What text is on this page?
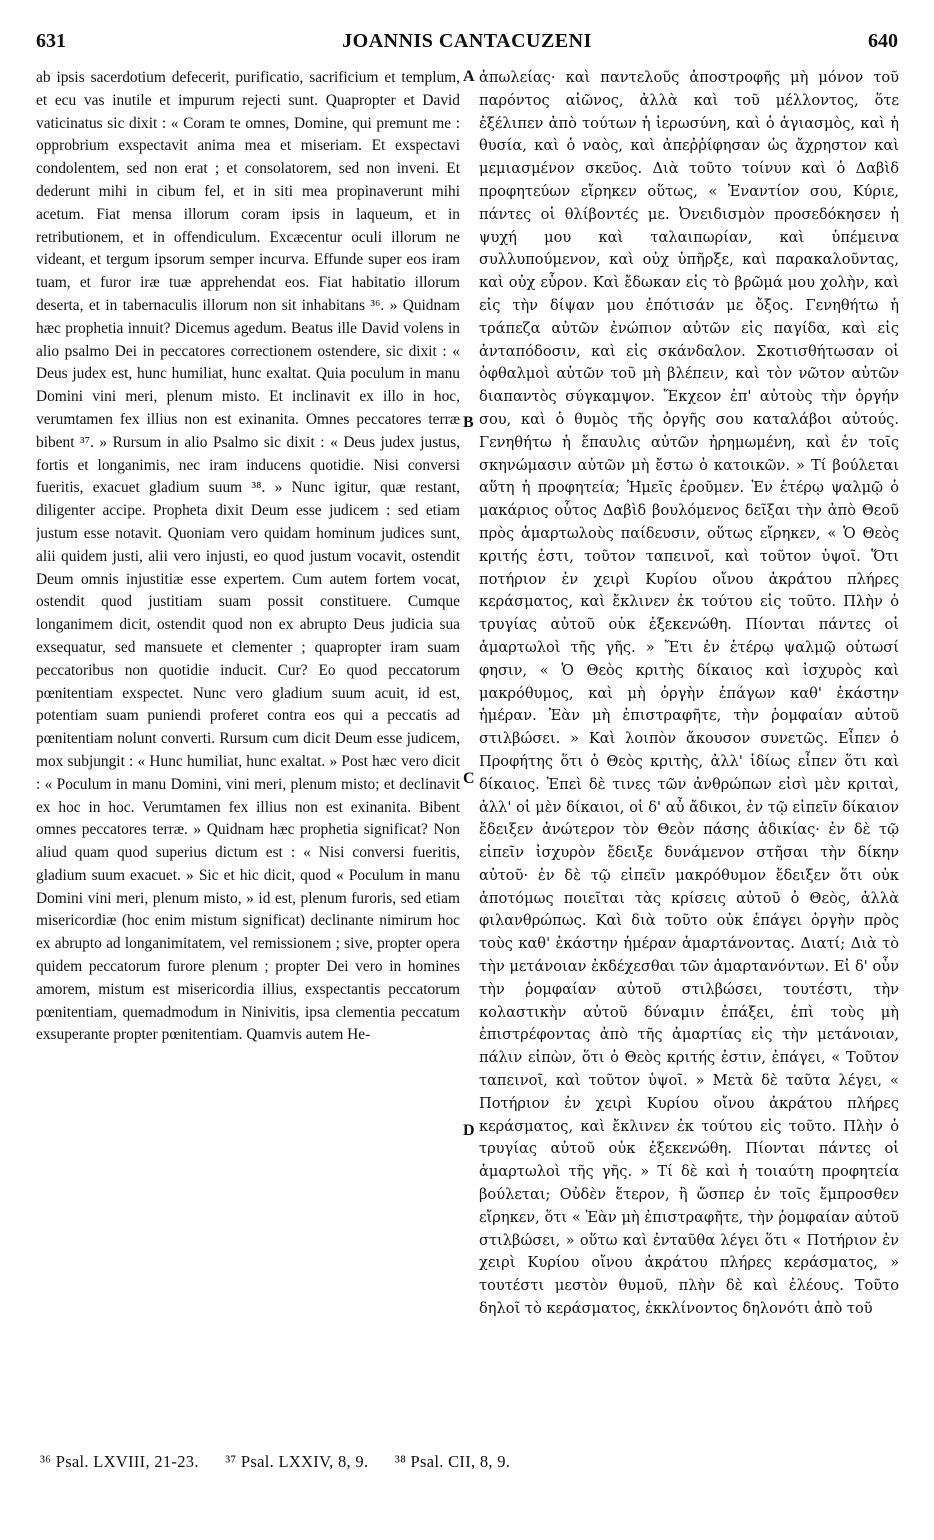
631	JOANNIS CANTACUZENI	640

ab ipsis sacerdotium defecerit, purificatio, sacrificium et templum, et ecu vas inutile et impurum rejecti sunt. Quapropter et David vaticinatus sic dixit : « Coram te omnes, Domine, qui premunt me : opprobrium exspectavit anima mea et miseriam. Et exspectavi condolentem, sed non erat ; et consolatorem, sed non inveni. Et dederunt mihi in cibum fel, et in siti mea propinaverunt mihi acetum. Fiat mensa illorum coram ipsis in laqueum, et in retributionem, et in offendiculum. Excæcentur oculi illorum ne videant, et tergum ipsorum semper incurva. Effunde super eos iram tuam, et furor iræ tuæ apprehendat eos. Fiat habitatio illorum deserta, et in tabernaculis illorum non sit inhabitans ³⁶. » Quidnam hæc prophetia innuit? Dicemus agedum. Beatus ille David volens in alio psalmo Dei in peccatores correctionem ostendere, sic dixit : « Deus judex est, hunc humiliat, hunc exaltat. Quia poculum in manu Domini vini meri, plenum misto. Et inclinavit ex illo in hoc, verumtamen fex illius non est exinanita. Omnes peccatores terræ bibent ³⁷. » Rursum in alio Psalmo sic dixit : « Deus judex justus, fortis et longanimis, nec iram inducens quotidie. Nisi conversi fueritis, exacuet gladium suum ³⁸. » Nunc igitur, quæ restant, diligenter accipe. Propheta dixit Deum esse judicem : sed etiam justum esse notavit. Quoniam vero quidam hominum judices sunt, alii quidem justi, alii vero injusti, eo quod justum vocavit, ostendit Deum omnis injustitiæ esse expertem. Cum autem fortem vocat, ostendit quod justitiam suam possit constituere. Cumque longanimem dicit, ostendit quod non ex abrupto Deus judicia sua exsequatur, sed mansuete et clementer ; quapropter iram suam peccatoribus non quotidie inducit. Cur? Eo quod peccatorum pœnitentiam exspectet. Nunc vero gladium suum acuit, id est, potentiam suam puniendi proferet contra eos qui a peccatis ad pœnitentiam nolunt converti. Rursum cum dicit Deum esse judicem, mox subjungit : « Hunc humiliat, hunc exaltat. » Post hæc vero dicit : « Poculum in manu Domini, vini meri, plenum misto; et declinavit ex hoc in hoc. Verumtamen fex illius non est exinanita. Bibent omnes peccatores terræ. » Quidnam hæc prophetia significat? Non aliud quam quod superius dictum est : « Nisi conversi fueritis, gladium suum exacuet. » Sic et hic dicit, quod « Poculum in manu Domini vini meri, plenum misto, » id est, plenum furoris, sed etiam misericordiæ (hoc enim mistum significat) declinante nimirum hoc ex abrupto ad longanimitatem, vel remissionem ; sive, propter opera quidem peccatorum furore plenum ; propter Dei vero in homines amorem, mistum est misericordia illius, exspectantis peccatorum pœnitentiam, quemadmodum in Ninivitis, ipsa clementia peccatum exsuperante propter pœnitentiam. Quamvis autem He-

A
B
C
D

ἀπωλείας· καὶ παντελοῦς ἀποστροφῆς μὴ μόνον τοῦ παρόντος αἰῶνος, ἀλλὰ καὶ τοῦ μέλλοντος, ὅτε ἐξέλιπεν ἀπὸ τούτων ἡ ἱερωσύνη, καὶ ὁ ἁγιασμὸς, καὶ ἡ θυσία, καὶ ὁ ναὸς, καὶ ἀπεῤῥίφησαν ὡς ἄχρηστον καὶ μεμιασμένον σκεῦος. Διὰ τοῦτο τοίνυν καὶ ὁ Δαβὶδ προφητεύων εἴρηκεν οὕτως, « Ἐναντίον σου, Κύριε, πάντες οἱ θλίβοντές με. Ὀνειδισμὸν προσεδόκησεν ἡ ψυχή μου καὶ ταλαιπωρίαν, καὶ ὑπέμεινα συλλυπούμενον, καὶ οὐχ ὑπῆρξε, καὶ παρακαλοῦντας, καὶ οὐχ εὗρον. Καὶ ἔδωκαν εἰς τὸ βρῶμά μου χολὴν, καὶ εἰς τὴν δίψαν μου ἐπότισάν με ὄξος. Γενηθήτω ἡ τράπεζα αὐτῶν ἐνώπιον αὐτῶν εἰς παγίδα, καὶ εἰς ἀνταπόδοσιν, καὶ εἰς σκάνδαλον. Σκοτισθήτωσαν οἱ ὀφθαλμοὶ αὐτῶν τοῦ μὴ βλέπειν, καὶ τὸν νῶτον αὐτῶν διαπαντὸς σύγκαμψον. Ἔκχεον ἐπ' αὐτοὺς τὴν ὀργήν σου, καὶ ὁ θυμὸς τῆς ὀργῆς σου καταλάβοι αὐτούς. Γενηθήτω ἡ ἔπαυλις αὐτῶν ἠρημωμένη, καὶ ἐν τοῖς σκηνώμασιν αὐτῶν μὴ ἔστω ὁ κατοικῶν. » Τί βούλεται αὕτη ἡ προφητεία; Ἡμεῖς ἐροῦμεν. Ἐν ἑτέρῳ ψαλμῷ ὁ μακάριος οὗτος Δαβὶδ βουλόμενος δεῖξαι τὴν ἀπὸ Θεοῦ πρὸς ἁμαρτωλοὺς παίδευσιν, οὕτως εἴρηκεν, « Ὁ Θεὸς κριτής ἐστι, τοῦτον ταπεινοῖ, καὶ τοῦτον ὑψοῖ. Ὅτι ποτήριον ἐν χειρὶ Κυρίου οἴνου ἀκράτου πλήρες κεράσματος, καὶ ἔκλινεν ἐκ τούτου εἰς τοῦτο. Πλὴν ὁ τρυγίας αὐτοῦ οὐκ ἐξεκενώθη. Πίονται πάντες οἱ ἁμαρτωλοὶ τῆς γῆς. » Ἔτι ἐν ἑτέρῳ ψαλμῷ οὑτωσί φησιν, « Ὁ Θεὸς κριτὴς δίκαιος καὶ ἰσχυρὸς καὶ μακρόθυμος, καὶ μὴ ὀργὴν ἐπάγων καθ' ἑκάστην ἡμέραν. Ἐὰν μὴ ἐπιστραφῆτε, τὴν ῥομφαίαν αὐτοῦ στιλβώσει. » Καὶ λοιπὸν ἄκουσον συνετῶς. Εἶπεν ὁ Προφήτης ὅτι ὁ Θεὸς κριτὴς, ἀλλ' ἰδίως εἶπεν ὅτι καὶ δίκαιος. Ἐπεὶ δὲ τινες τῶν ἀνθρώπων εἰσὶ μὲν κριταὶ, ἀλλ' οἱ μὲν δίκαιοι, οἱ δ' αὖ ἄδικοι, ἐν τῷ εἰπεῖν δίκαιον ἔδειξεν ἀνώτερον τὸν Θεὸν πάσης ἀδικίας· ἐν δὲ τῷ εἰπεῖν ἰσχυρὸν ἔδειξε δυνάμενον στῆσαι τὴν δίκην αὐτοῦ· ἐν δὲ τῷ εἰπεῖν μακρόθυμον ἔδειξεν ὅτι οὐκ ἀποτόμως ποιεῖται τὰς κρίσεις αὐτοῦ ὁ Θεὸς, ἀλλὰ φιλανθρώπως. Καὶ διὰ τοῦτο οὐκ ἐπάγει ὀργὴν πρὸς τοὺς καθ' ἑκάστην ἡμέραν ἁμαρτάνοντας. Διατί; Διὰ τὸ τὴν μετάνοιαν ἐκδέχεσθαι τῶν ἁμαρτανόντων. Εἰ δ' οὖν τὴν ῥομφαίαν αὐτοῦ στιλβώσει, τουτέστι, τὴν κολαστικὴν αὐτοῦ δύναμιν ἐπάξει, ἐπὶ τοὺς μὴ ἐπιστρέφοντας ἀπὸ τῆς ἁμαρτίας εἰς τὴν μετάνοιαν, πάλιν εἰπὼν, ὅτι ὁ Θεὸς κριτής ἐστιν, ἐπάγει, « Τοῦτον ταπεινοῖ, καὶ τοῦτον ὑψοῖ. » Μετὰ δὲ ταῦτα λέγει, « Ποτήριον ἐν χειρὶ Κυρίου οἴνου ἀκράτου πλήρες κεράσματος, καὶ ἔκλινεν ἐκ τούτου εἰς τοῦτο. Πλὴν ὁ τρυγίας αὐτοῦ οὐκ ἐξεκενώθη. Πίονται πάντες οἱ ἁμαρτωλοὶ τῆς γῆς. » Τί δὲ καὶ ἡ τοιαύτη προφητεία βούλεται; Οὐδὲν ἕτερον, ἢ ὥσπερ ἐν τοῖς ἔμπροσθεν εἴρηκεν, ὅτι « Ἐὰν μὴ ἐπιστραφῆτε, τὴν ῥομφαίαν αὐτοῦ στιλβώσει, » οὕτω καὶ ἐνταῦθα λέγει ὅτι « Ποτήριον ἐν χειρὶ Κυρίου οἴνου ἀκράτου πλήρες κεράσματος, » τουτέστι μεστὸν θυμοῦ, πλὴν δὲ καὶ ἐλέους. Τοῦτο δηλοῖ τὸ κεράσματος, ἐκκλίνοντος δηλονότι ἀπὸ τοῦ

³⁶ Psal. LXVIII, 21-23. ³⁷ Psal. LXXIV, 8, 9. ³⁸ Psal. CII, 8, 9.
